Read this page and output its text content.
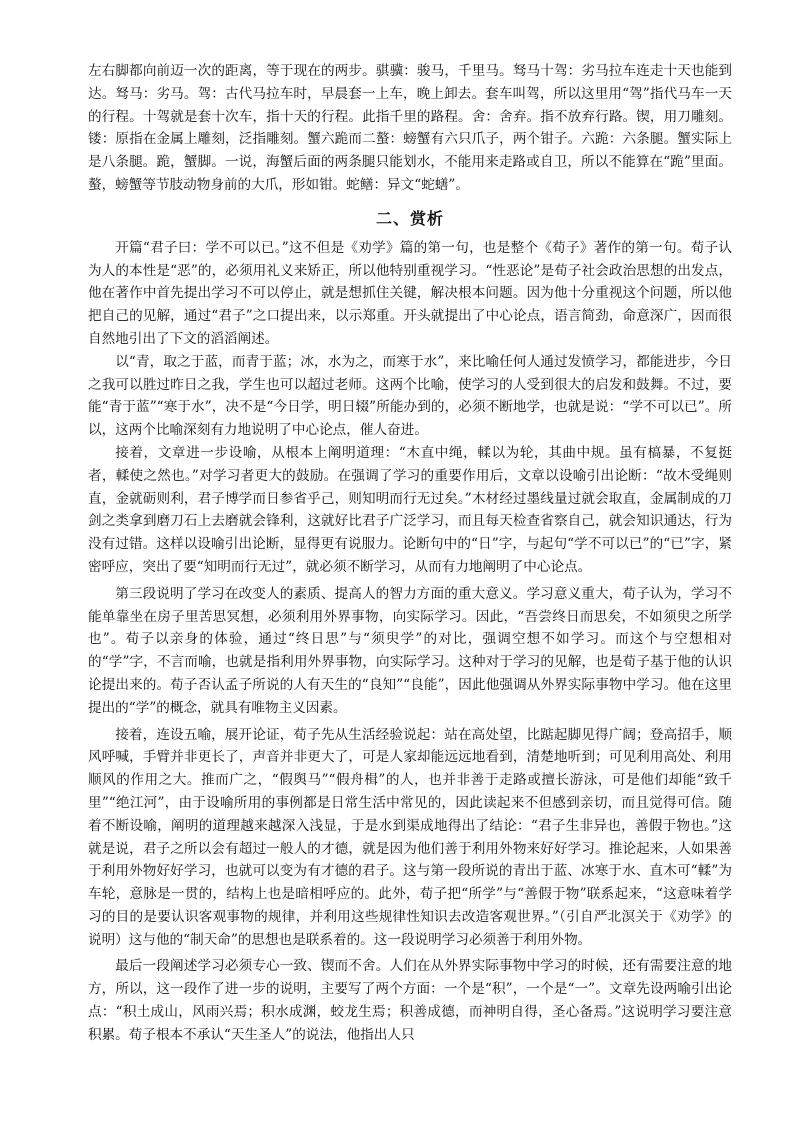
左右脚都向前迈一次的距离，等于现在的两步。骐骥：骏马，千里马。驽马十驾：劣马拉车连走十天也能到达。驽马：劣马。驾：古代马拉车时，早晨套一上车，晚上卸去。套车叫驾，所以这里用“驾”指代马车一天的行程。十驾就是套十次车，指十天的行程。此指千里的路程。舍：舍弃。指不放弃行路。锲，用刀雕刻。镂：原指在金属上雕刻，泛指雕刻。蟹六跪而二螯：螃蟹有六只爪子，两个钳子。六跪：六条腿。蟹实际上是八条腿。跪，蟹脚。一说，海蟹后面的两条腿只能划水，不能用来走路或自卫，所以不能算在“跪”里面。螯，螃蟹等节肢动物身前的大爪，形如钳。蛇鳝：异文“蛇蟮”。

二、赏析

开篇“君子曰：学不可以已。”这不但是《劝学》篇的第一句，也是整个《荀子》著作的第一句。荀子认为人的本性是“恶”的，必须用礼义来矫正，所以他特别重视学习。“性恶论”是荀子社会政治思想的出发点，他在著作中首先提出学习不可以停止，就是想抓住关键，解决根本问题。因为他十分重视这个问题，所以他把自己的见解，通过“君子”之口提出来，以示郑重。开头就提出了中心论点，语言简劲，命意深广，因而很自然地引出了下文的滔滔阐述。

以“青，取之于蓝，而青于蓝；冰，水为之，而寒于水”，来比喻任何人通过发愤学习，都能进步，今日之我可以胜过昨日之我，学生也可以超过老师。这两个比喻，使学习的人受到很大的启发和鼓舞。不过，要能“青于蓝”“寒于水”，决不是“今日学，明日辍”所能办到的，必须不断地学，也就是说：“学不可以已”。所以，这两个比喻深刻有力地说明了中心论点，催人奋进。

接着，文章进一步设喻，从根本上阐明道理：“木直中绳，輮以为轮，其曲中规。虽有槁暴，不复挺者，輮使之然也。”对学习者更大的鼓励。在强调了学习的重要作用后，文章以设喻引出论断：“故木受绳则直，金就砺则利，君子博学而日参省乎己，则知明而行无过矣。”木材经过墨线量过就会取直，金属制成的刀剑之类拿到磨刀石上去磨就会锋利，这就好比君子广泛学习，而且每天检查省察自己，就会知识通达，行为没有过错。这样以设喻引出论断，显得更有说服力。论断句中的“日”字，与起句“学不可以已”的“已”字，紧密呼应，突出了要“知明而行无过”，就必须不断学习，从而有力地阐明了中心论点。

第三段说明了学习在改变人的素质、提高人的智力方面的重大意义。学习意义重大，荀子认为，学习不能单靠坐在房子里苦思冥想，必须利用外界事物，向实际学习。因此，“吾尝终日而思矣，不如须臾之所学也”。荀子以亲身的体验，通过“终日思”与“须臾学”的对比，强调空想不如学习。而这个与空想相对的“学”字，不言而喻，也就是指利用外界事物，向实际学习。这种对于学习的见解，也是荀子基于他的认识论提出来的。荀子否认孟子所说的人有天生的“良知”“良能”，因此他强调从外界实际事物中学习。他在这里提出的“学”的概念，就具有唯物主义因素。

接着，连设五喻，展开论证，荀子先从生活经验说起：站在高处望，比踮起脚见得广阔；登高招手，顺风呼喊，手臂并非更长了，声音并非更大了，可是人家却能远远地看到，清楚地听到；可见利用高处、利用顺风的作用之大。推而广之，“假舆马”“假舟楫”的人，也并非善于走路或擅长游泳，可是他们却能“致千里”“绝江河”，由于设喻所用的事例都是日常生活中常见的，因此读起来不但感到亲切，而且觉得可信。随着不断设喻，阐明的道理越来越深入浅显，于是水到渠成地得出了结论：“君子生非异也，善假于物也。”这就是说，君子之所以会有超过一般人的才德，就是因为他们善于利用外物来好好学习。推论起来，人如果善于利用外物好好学习，也就可以变为有才德的君子。这与第一段所说的青出于蓝、冰寒于水、直木可“輮”为车轮，意脉是一贯的，结构上也是暗相呼应的。此外，荀子把“所学”与“善假于物”联系起来，“这意味着学习的目的是要认识客观事物的规律，并利用这些规律性知识去改造客观世界。”（引自严北溟关于《劝学》的说明）这与他的“制天命”的思想也是联系着的。这一段说明学习必须善于利用外物。

最后一段阐述学习必须专心一致、锲而不舍。人们在从外界实际事物中学习的时候，还有需要注意的地方，所以，这一段作了进一步的说明，主要写了两个方面：一个是“积”，一个是“一”。文章先设两喻引出论点：“积土成山，风雨兴焉；积水成渊，蛟龙生焉；积善成德，而神明自得，圣心备焉。”这说明学习要注意积累。荀子根本不承认“天生圣人”的说法，他指出人只
